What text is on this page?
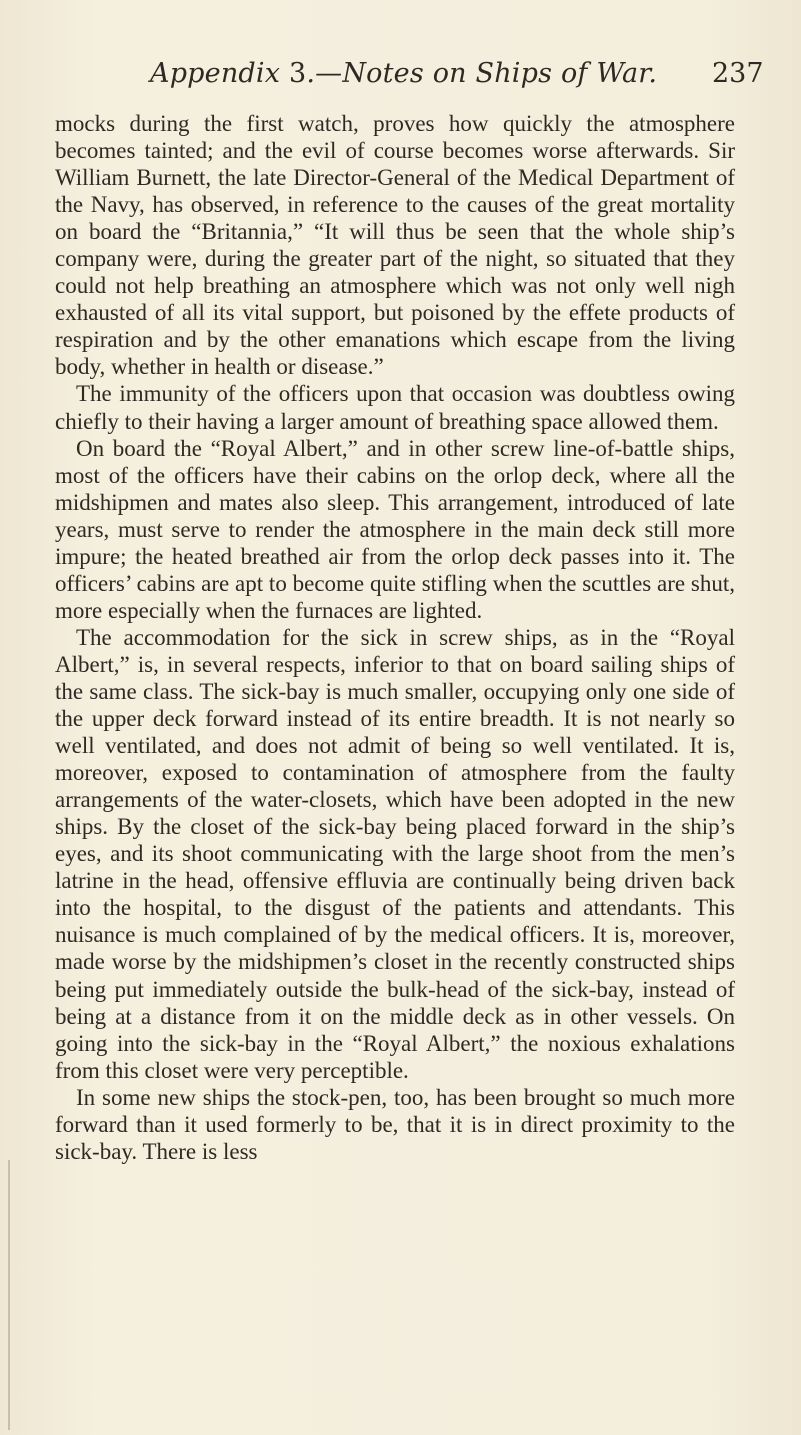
Appendix 3.—Notes on Ships of War. 237

mocks during the first watch, proves how quickly the atmosphere becomes tainted; and the evil of course becomes worse afterwards. Sir William Burnett, the late Director-General of the Medical Department of the Navy, has observed, in reference to the causes of the great mortality on board the “Britannia,” “It will thus be seen that the whole ship’s company were, during the greater part of the night, so situated that they could not help breathing an atmosphere which was not only well nigh exhausted of all its vital support, but poisoned by the effete products of respiration and by the other emanations which escape from the living body, whether in health or disease.”

The immunity of the officers upon that occasion was doubtless owing chiefly to their having a larger amount of breathing space allowed them.

On board the “Royal Albert,” and in other screw line-of-battle ships, most of the officers have their cabins on the orlop deck, where all the midshipmen and mates also sleep. This arrangement, introduced of late years, must serve to render the atmosphere in the main deck still more impure; the heated breathed air from the orlop deck passes into it. The officers’ cabins are apt to become quite stifling when the scuttles are shut, more especially when the furnaces are lighted.

The accommodation for the sick in screw ships, as in the “Royal Albert,” is, in several respects, inferior to that on board sailing ships of the same class. The sick-bay is much smaller, occupying only one side of the upper deck forward instead of its entire breadth. It is not nearly so well ventilated, and does not admit of being so well ventilated. It is, moreover, exposed to contamination of atmosphere from the faulty arrangements of the water-closets, which have been adopted in the new ships. By the closet of the sick-bay being placed forward in the ship’s eyes, and its shoot communicating with the large shoot from the men’s latrine in the head, offensive effluvia are continually being driven back into the hospital, to the disgust of the patients and attendants. This nuisance is much complained of by the medical officers. It is, moreover, made worse by the midshipmen’s closet in the recently constructed ships being put immediately outside the bulk-head of the sick-bay, instead of being at a distance from it on the middle deck as in other vessels. On going into the sick-bay in the “Royal Albert,” the noxious exhalations from this closet were very perceptible.

In some new ships the stock-pen, too, has been brought so much more forward than it used formerly to be, that it is in direct proximity to the sick-bay. There is less
